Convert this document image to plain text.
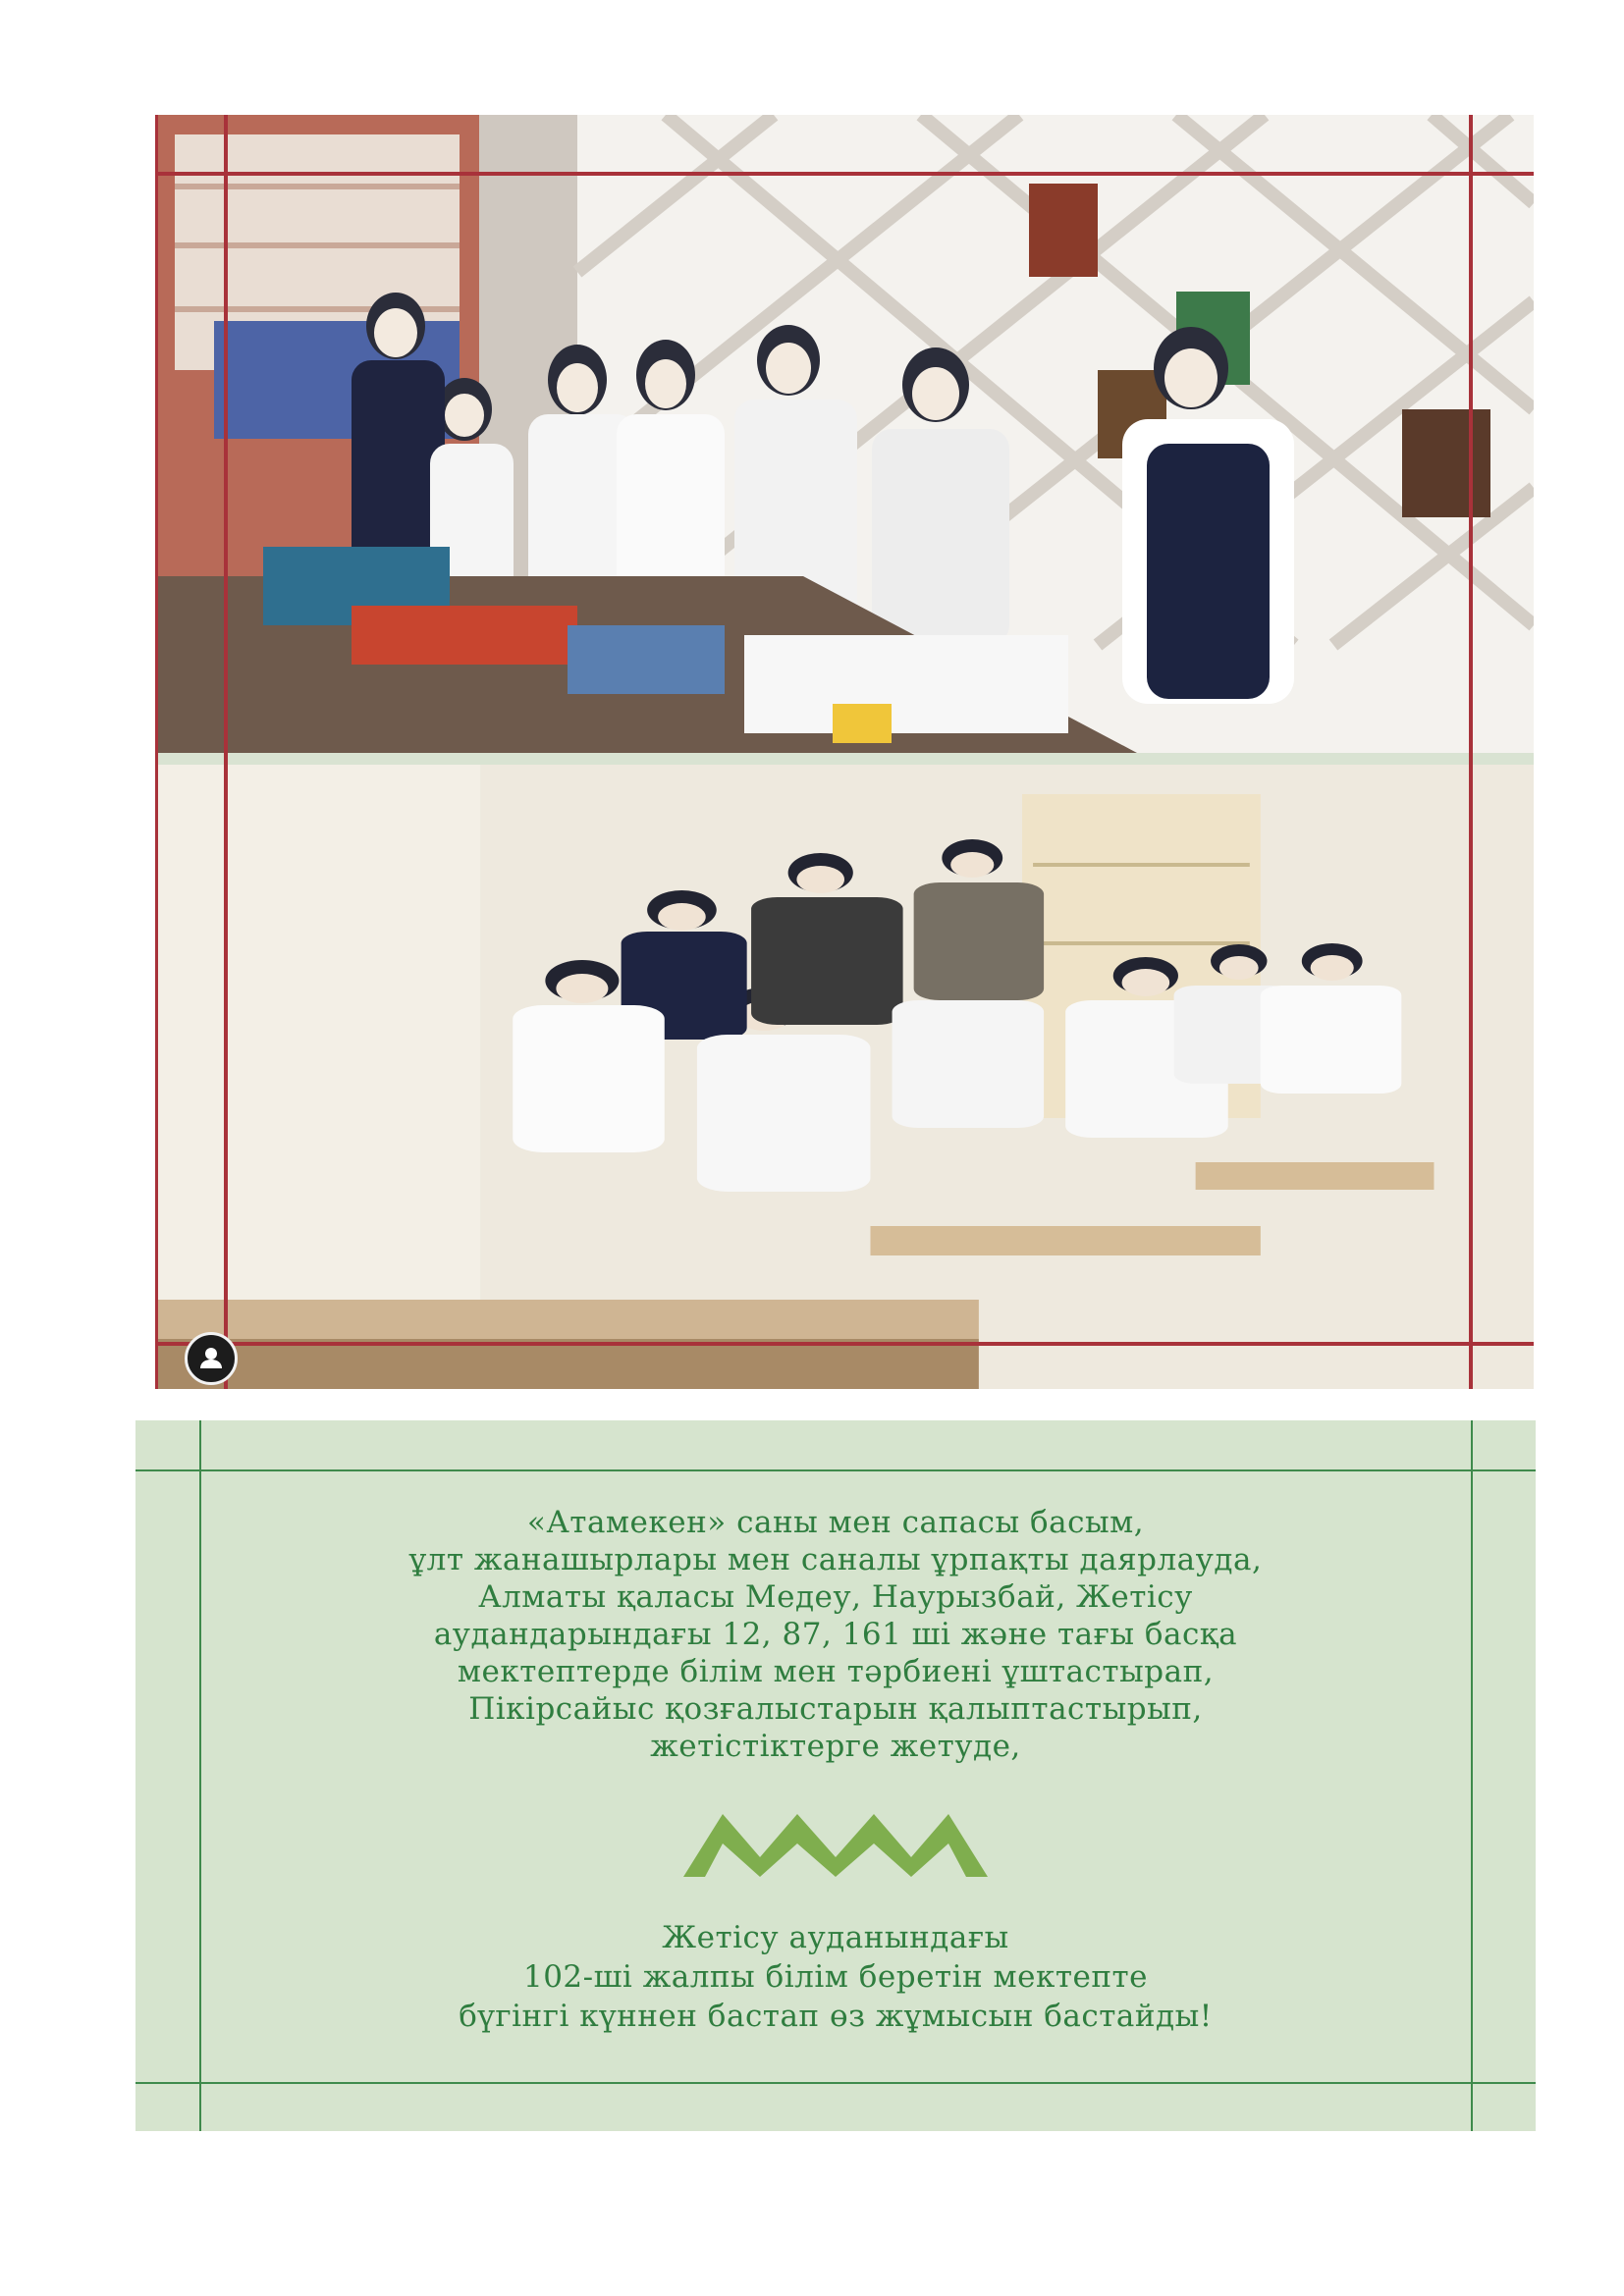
«Атамекен» саны мен сапасы басым,
ұлт жанашырлары мен саналы ұрпақты даярлауда,
Алматы қаласы Медеу, Наурызбай, Жетісу
аудандарындағы 12, 87, 161 ші және тағы басқа
мектептерде білім мен тәрбиені ұштастырап,
Пікірсайыс қозғалыстарын қалыптастырып,
жетістіктерге жетуде,
Жетісу ауданындағы
102-ші жалпы білім беретін мектепте
бүгінгі күннен бастап өз жұмысын бастайды!
